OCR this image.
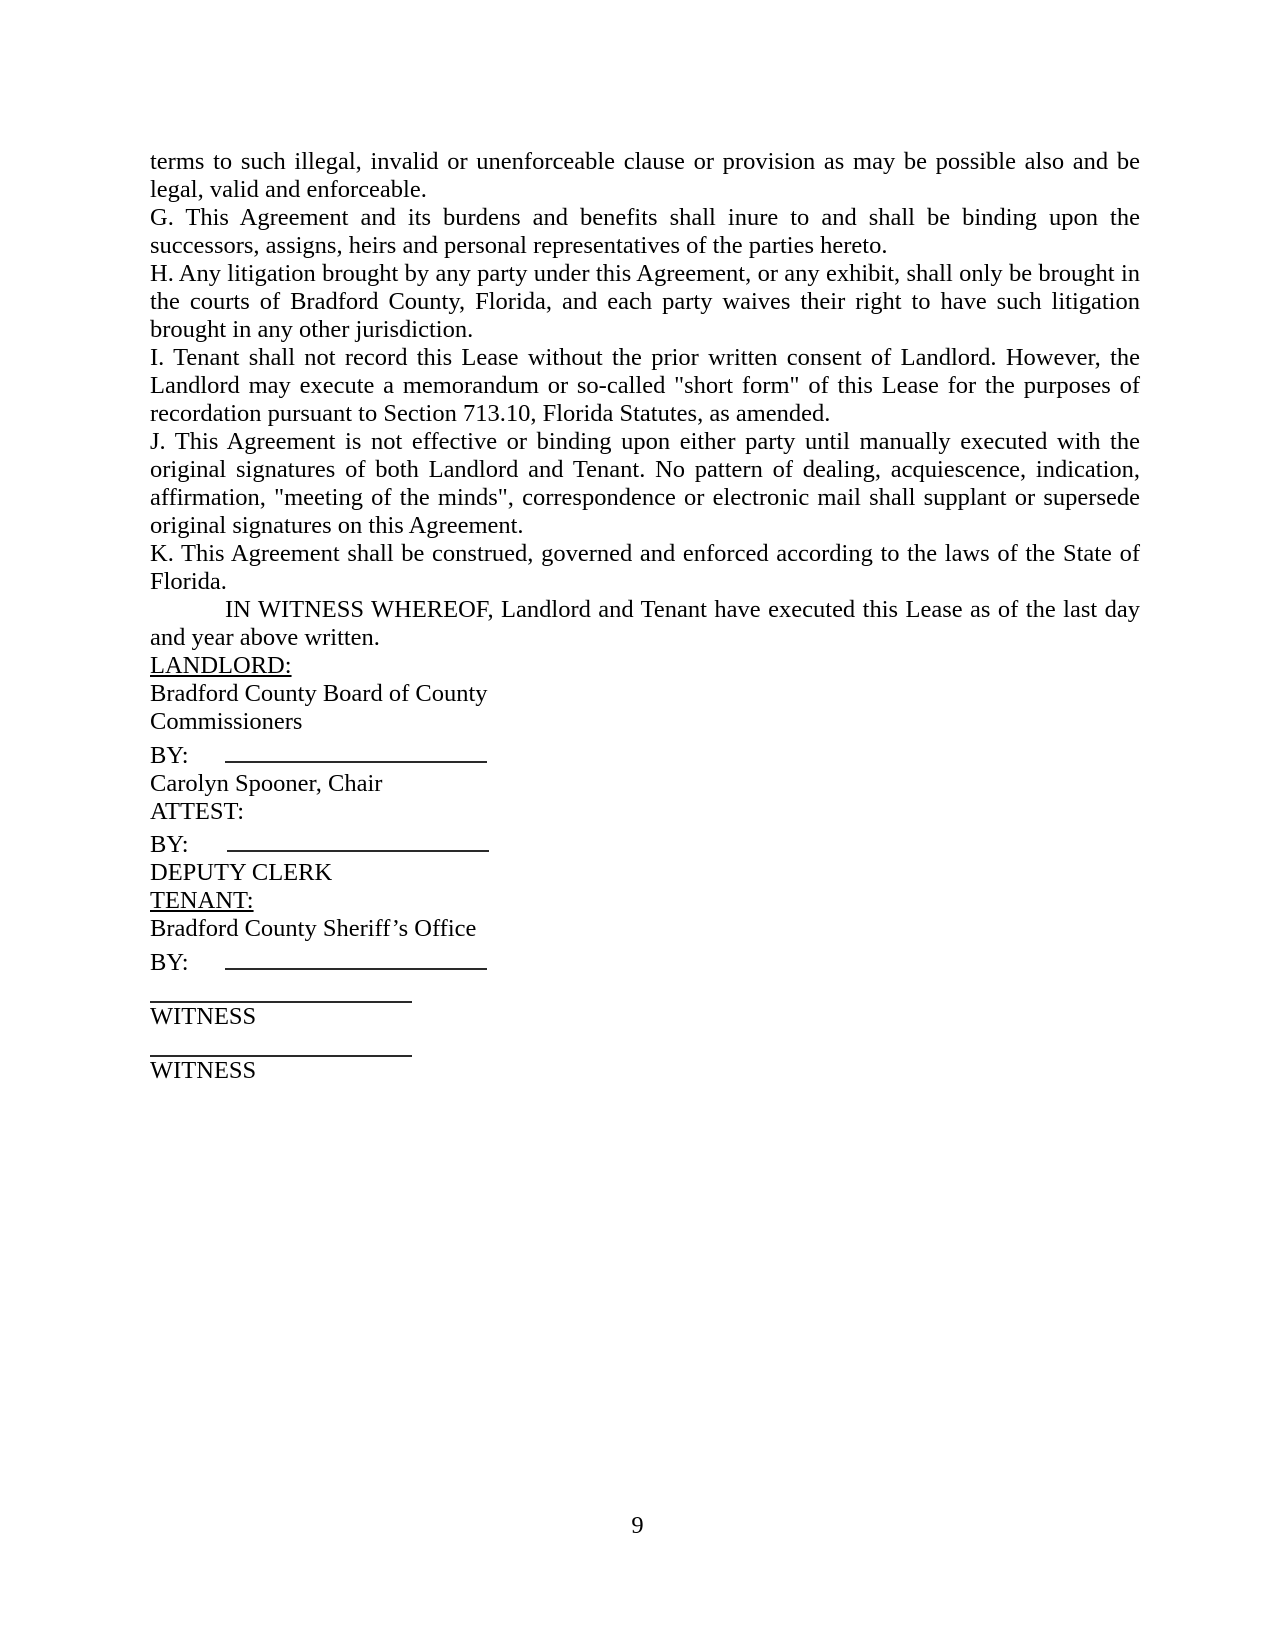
terms to such illegal, invalid or unenforceable clause or provision as may be possible also and be legal, valid and enforceable.

G. This Agreement and its burdens and benefits shall inure to and shall be binding upon the successors, assigns, heirs and personal representatives of the parties hereto.

H. Any litigation brought by any party under this Agreement, or any exhibit, shall only be brought in the courts of Bradford County, Florida, and each party waives their right to have such litigation brought in any other jurisdiction.

I. Tenant shall not record this Lease without the prior written consent of Landlord. However, the Landlord may execute a memorandum or so-called "short form" of this Lease for the purposes of recordation pursuant to Section 713.10, Florida Statutes, as amended.

J. This Agreement is not effective or binding upon either party until manually executed with the original signatures of both Landlord and Tenant. No pattern of dealing, acquiescence, indication, affirmation, "meeting of the minds", correspondence or electronic mail shall supplant or supersede original signatures on this Agreement.

K. This Agreement shall be construed, governed and enforced according to the laws of the State of Florida.

IN WITNESS WHEREOF, Landlord and Tenant have executed this Lease as of the last day and year above written.

LANDLORD:
Bradford County Board of County
Commissioners
BY:
Carolyn Spooner, Chair
ATTEST:
BY:
DEPUTY CLERK
TENANT:
Bradford County Sheriff’s Office
BY:
WITNESS
WITNESS
9
